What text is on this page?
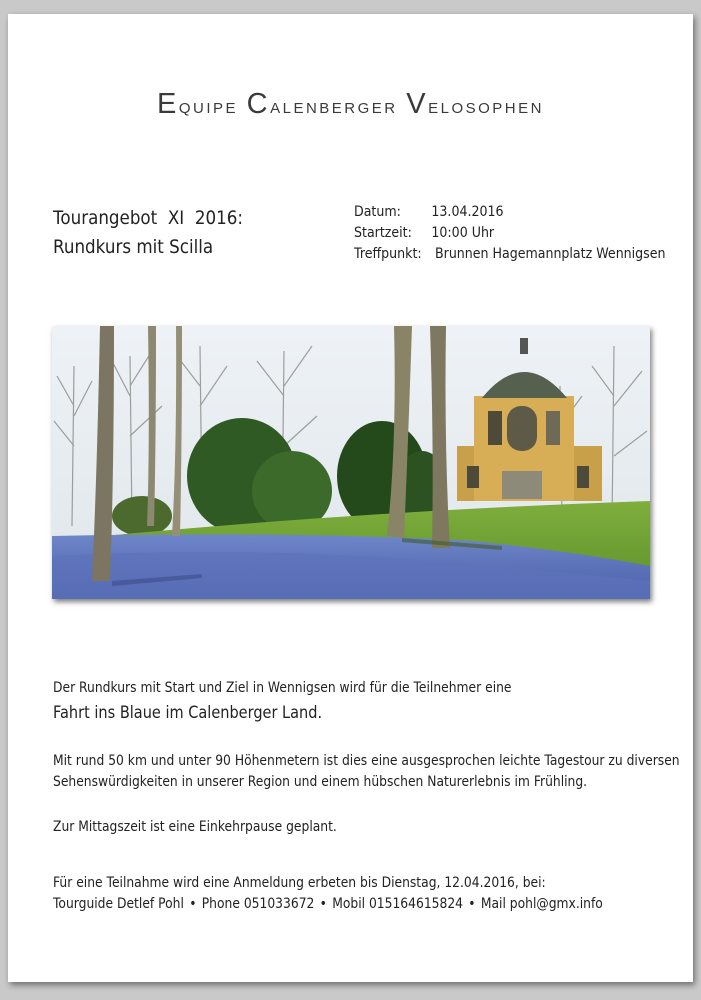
Equipe Calenberger Velosophen
Tourangebot  XI  2016:
Rundkurs mit Scilla
Datum:	13.04.2016
Startzeit:	10:00 Uhr
Treffpunkt: Brunnen Hagemannplatz Wennigsen

Der Rundkurs mit Start und Ziel in Wennigsen wird für die Teilnehmer eine

Fahrt ins Blaue im Calenberger Land.

Mit rund 50 km und unter 90 Höhenmetern ist dies eine ausgesprochen leichte Tagestour zu diversen

Sehenswürdigkeiten in unserer Region und einem hübschen Naturerlebnis im Frühling.

Zur Mittagszeit ist eine Einkehrpause geplant.

Für eine Teilnahme wird eine Anmeldung erbeten bis Dienstag, 12.04.2016, bei:

Tourguide Detlef Pohl • Phone 051033672 • Mobil 015164615824 • Mail pohl@gmx.info
